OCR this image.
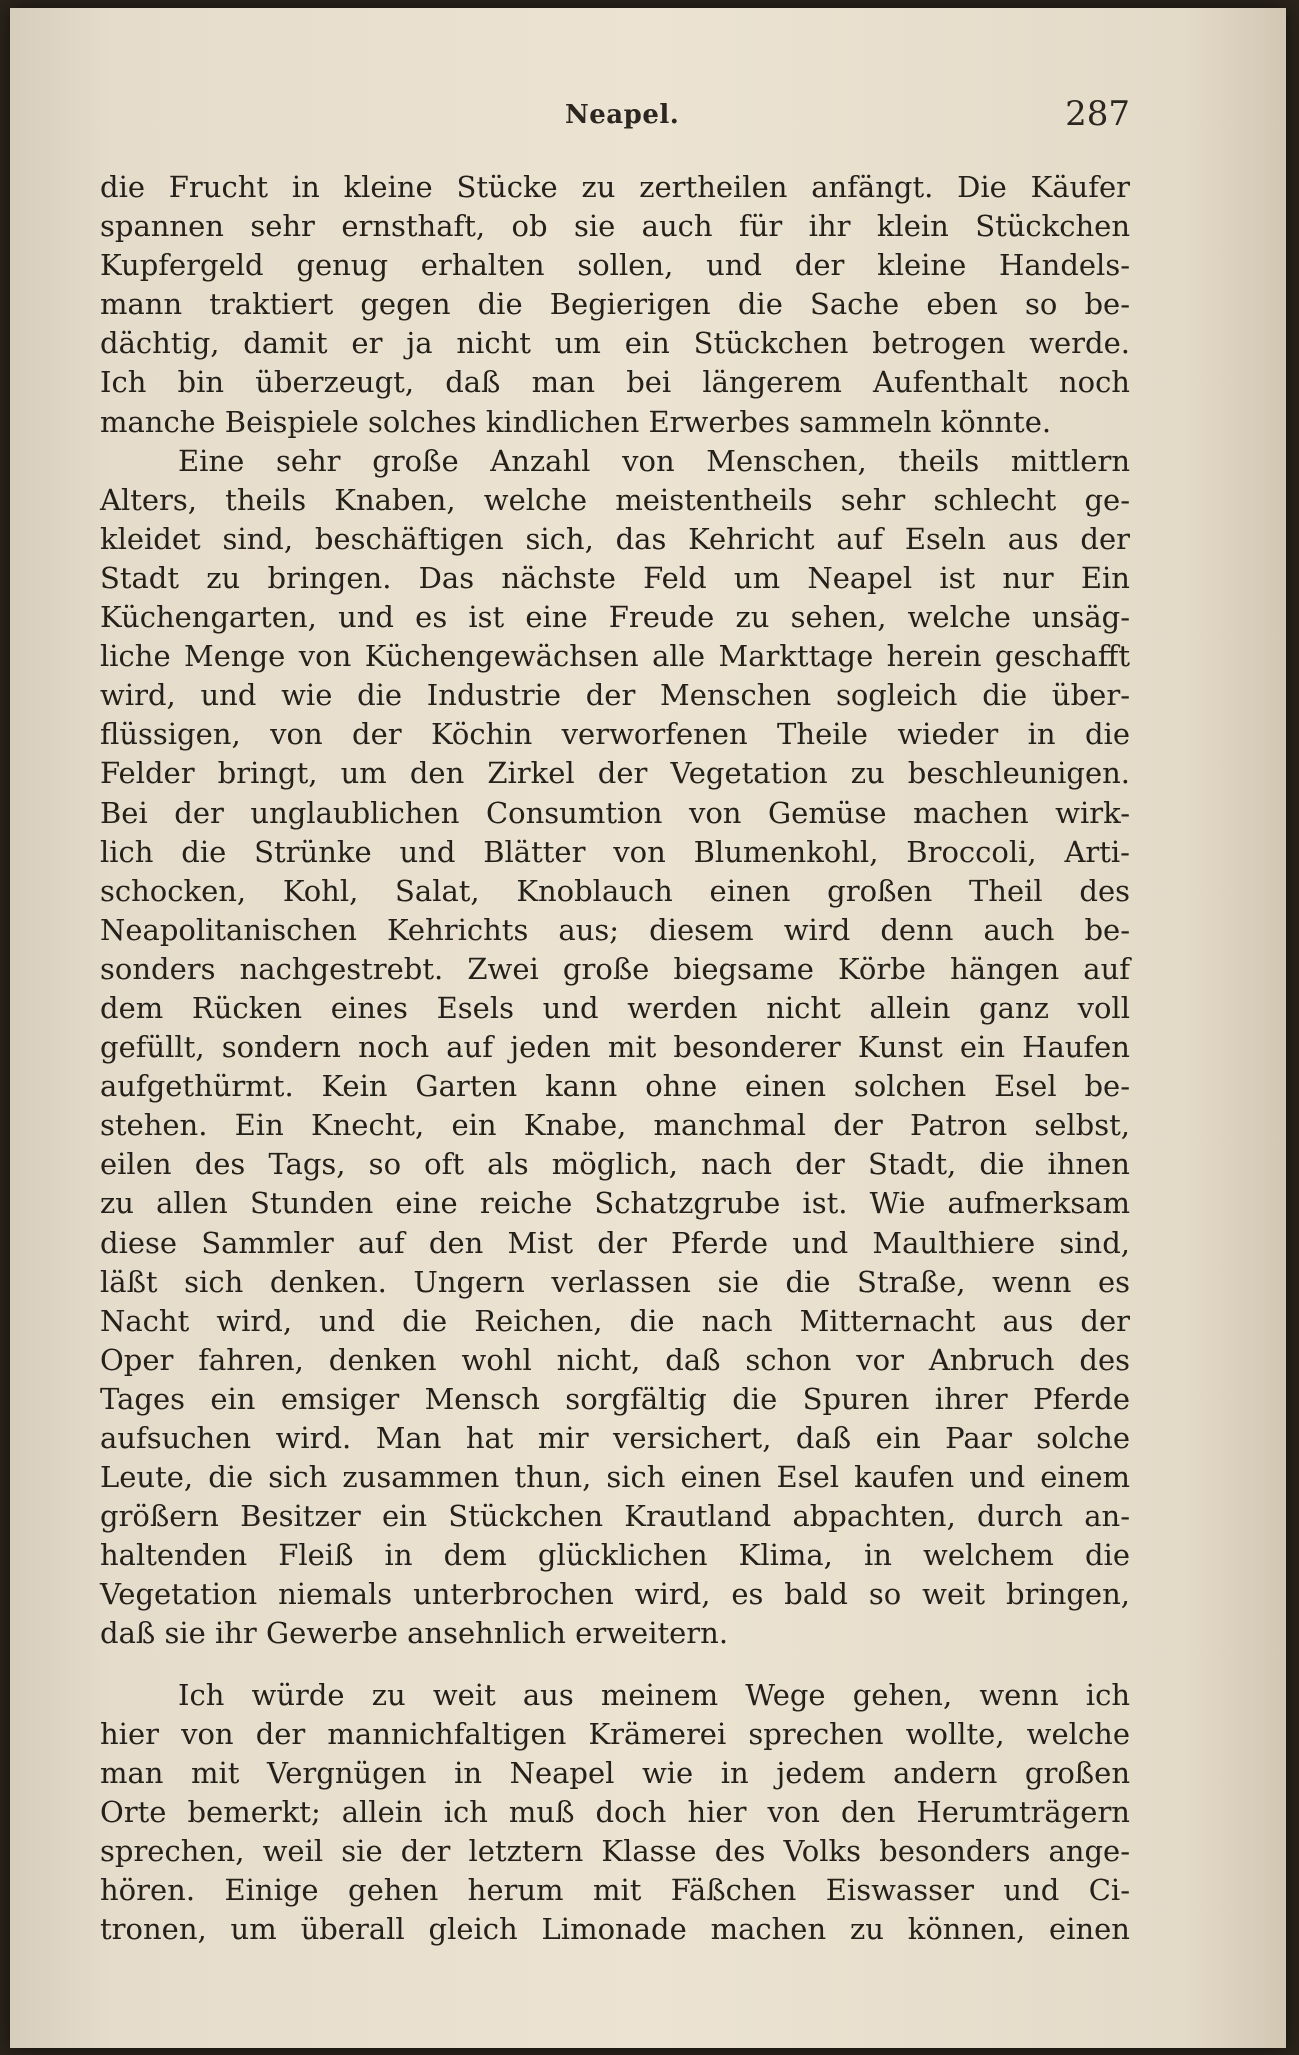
Neapel.	287
die Frucht in kleine Stücke zu zertheilen anfängt. Die Käufer
spannen sehr ernsthaft, ob sie auch für ihr klein Stückchen
Kupfergeld genug erhalten sollen, und der kleine Handels-
mann traktiert gegen die Begierigen die Sache eben so be-
dächtig, damit er ja nicht um ein Stückchen betrogen werde.
Ich bin überzeugt, daß man bei längerem Aufenthalt noch
manche Beispiele solches kindlichen Erwerbes sammeln könnte.
Eine sehr große Anzahl von Menschen, theils mittlern
Alters, theils Knaben, welche meistentheils sehr schlecht ge-
kleidet sind, beschäftigen sich, das Kehricht auf Eseln aus der
Stadt zu bringen. Das nächste Feld um Neapel ist nur Ein
Küchengarten, und es ist eine Freude zu sehen, welche unsäg-
liche Menge von Küchengewächsen alle Markttage herein geschafft
wird, und wie die Industrie der Menschen sogleich die über-
flüssigen, von der Köchin verworfenen Theile wieder in die
Felder bringt, um den Zirkel der Vegetation zu beschleunigen.
Bei der unglaublichen Consumtion von Gemüse machen wirk-
lich die Strünke und Blätter von Blumenkohl, Broccoli, Arti-
schocken, Kohl, Salat, Knoblauch einen großen Theil des
Neapolitanischen Kehrichts aus; diesem wird denn auch be-
sonders nachgestrebt. Zwei große biegsame Körbe hängen auf
dem Rücken eines Esels und werden nicht allein ganz voll
gefüllt, sondern noch auf jeden mit besonderer Kunst ein Haufen
aufgethürmt. Kein Garten kann ohne einen solchen Esel be-
stehen. Ein Knecht, ein Knabe, manchmal der Patron selbst,
eilen des Tags, so oft als möglich, nach der Stadt, die ihnen
zu allen Stunden eine reiche Schatzgrube ist. Wie aufmerksam
diese Sammler auf den Mist der Pferde und Maulthiere sind,
läßt sich denken. Ungern verlassen sie die Straße, wenn es
Nacht wird, und die Reichen, die nach Mitternacht aus der
Oper fahren, denken wohl nicht, daß schon vor Anbruch des
Tages ein emsiger Mensch sorgfältig die Spuren ihrer Pferde
aufsuchen wird. Man hat mir versichert, daß ein Paar solche
Leute, die sich zusammen thun, sich einen Esel kaufen und einem
größern Besitzer ein Stückchen Krautland abpachten, durch an-
haltenden Fleiß in dem glücklichen Klima, in welchem die
Vegetation niemals unterbrochen wird, es bald so weit bringen,
daß sie ihr Gewerbe ansehnlich erweitern.
Ich würde zu weit aus meinem Wege gehen, wenn ich
hier von der mannichfaltigen Krämerei sprechen wollte, welche
man mit Vergnügen in Neapel wie in jedem andern großen
Orte bemerkt; allein ich muß doch hier von den Herumträgern
sprechen, weil sie der letztern Klasse des Volks besonders ange-
hören. Einige gehen herum mit Fäßchen Eiswasser und Ci-
tronen, um überall gleich Limonade machen zu können, einen
